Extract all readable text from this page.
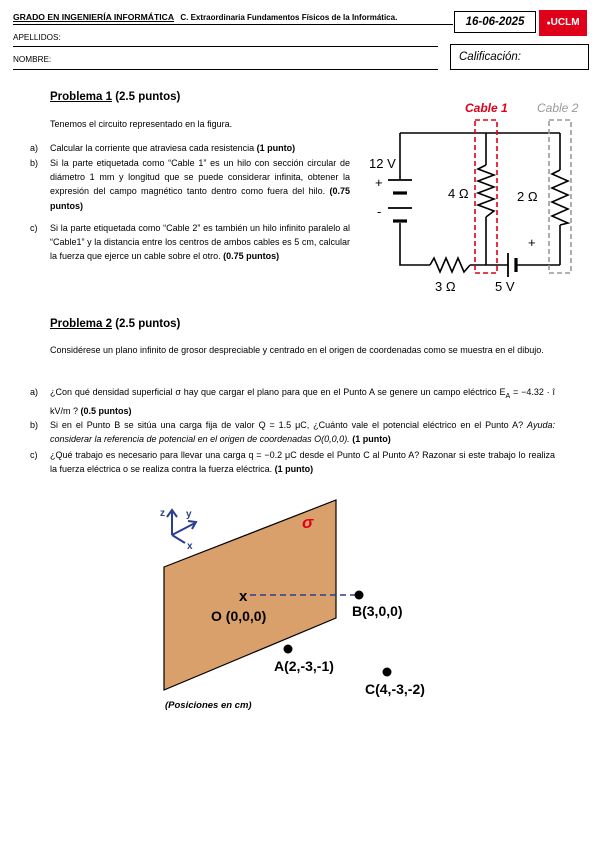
GRADO EN INGENIERÍA INFORMÁTICA C. Extraordinaria Fundamentos Físicos de la Informática.	16-06-2025	●UCLM
APELLIDOS:
NOMBRE:	Calificación:
Problema 1 (2.5 puntos)
Tenemos el circuito representado en la figura.
a) Calcular la corriente que atraviesa cada resistencia (1 punto)
b) Si la parte etiquetada como “Cable 1” es un hilo con sección circular de diámetro 1 mm y longitud que se puede considerar infinita, obtener la expresión del campo magnético tanto dentro como fuera del hilo. (0.75 puntos)
c) Si la parte etiquetada como “Cable 2” es también un hilo infinito paralelo al “Cable1” y la distancia entre los centros de ambos cables es 5 cm, calcular la fuerza que ejerce un cable sobre el otro. (0.75 puntos)
Cable 1 Cable 2
12 V
+
-
4 Ω	2 Ω
3 Ω	5 V
+
Problema 2 (2.5 puntos)
Considérese un plano infinito de grosor despreciable y centrado en el origen de coordenadas como se muestra en el dibujo.
a) ¿Con qué densidad superficial σ hay que cargar el plano para que en el Punto A se genere un campo eléctrico $E_A = -4.32$ · î kV/m ? (0.5 puntos)
b) Si en el Punto B se sitúa una carga fija de valor Q = 1.5 μC, ¿Cuánto vale el potencial eléctrico en el Punto A? Ayuda: considerar la referencia de potencial en el origen de coordenadas O(0,0,0). (1 punto)
c) ¿Qué trabajo es necesario para llevar una carga q = −0.2 μC desde el Punto C al Punto A? Razonar si este trabajo lo realiza la fuerza eléctrica o se realiza contra la fuerza eléctrica. (1 punto)
z y
x
σ
x
O (0,0,0)	B(3,0,0)
A(2,-3,-1)
C(4,-3,-2)
(Posiciones en cm)
